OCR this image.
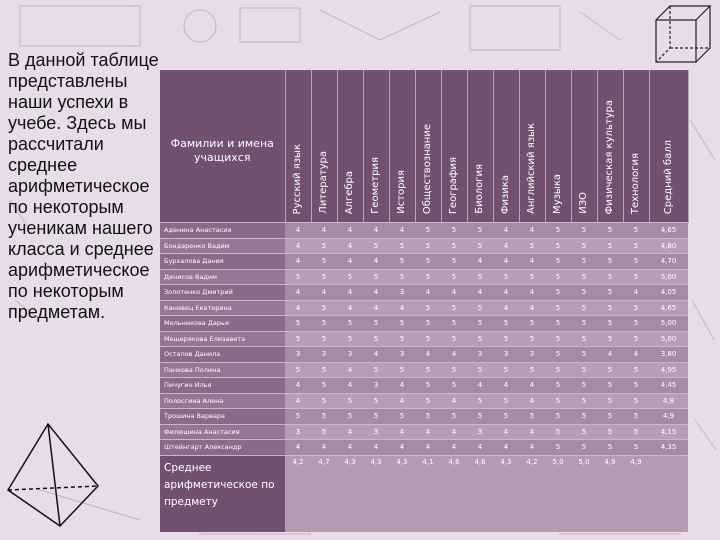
В данной таблице представлены наши успехи в учебе. Здесь мы рассчитали среднее арифметическое по некоторым ученикам нашего класса и среднее арифметическое по некоторым предметам.
Фамилии и имена учащихся	Русский язык	Литература	Алгебра	Геометрия	История	Обществознание	География	Биология	Физика	Английский язык	Музыка	ИЗО	Физическая культура	Технология	Средний балл
Аденина Анастасия	4	4	4	4	4	5	5	5	4	4	5	5	5	5	4,65
Бондаренко Вадим	4	5	4	5	5	5	5	5	4	5	5	5	5	5	4,80
Бурхалова Дания	4	5	4	4	5	5	5	4	4	4	5	5	5	5	4,70
Денисов Вадим	5	5	5	5	5	5	5	5	5	5	5	5	5	5	5,00
Золотенко Дмитрий	4	4	4	4	3	4	4	4	4	4	5	5	5	4	4,05
Канивец Екатерина	4	5	4	4	4	5	5	5	4	4	5	5	5	5	4,65
Мельникова Дарья	5	5	5	5	5	5	5	5	5	5	5	5	5	5	5,00
Мещерякова Елизавета	5	5	5	5	5	5	5	5	5	5	5	5	5	5	5,00
Остапов Данила	3	3	3	4	3	4	4	3	3	3	5	5	4	4	3,80
Панкова Полина	5	5	4	5	5	5	5	5	5	5	5	5	5	5	4,95
Пичугин Илья	4	5	4	3	4	5	5	4	4	4	5	5	5	5	4,45
Полосгина Алена	4	5	5	5	4	5	4	5	5	4	5	5	5	5	4,8
Трошина Варвара	5	5	5	5	5	5	5	5	5	5	5	5	5	5	4,9
Филюшина Анастасия	3	5	4	3	4	4	4	3	4	4	5	5	5	5	4,15
Штейнгарт Александр	4	4	4	4	4	4	4	4	4	4	5	5	5	5	4,35
Среднее арифметическое по предмету	4,2	4,7	4,3	4,3	4,3	4,1	4,6	4,6	4,3	4,2	5,0	5,0	4,9	4,9	
